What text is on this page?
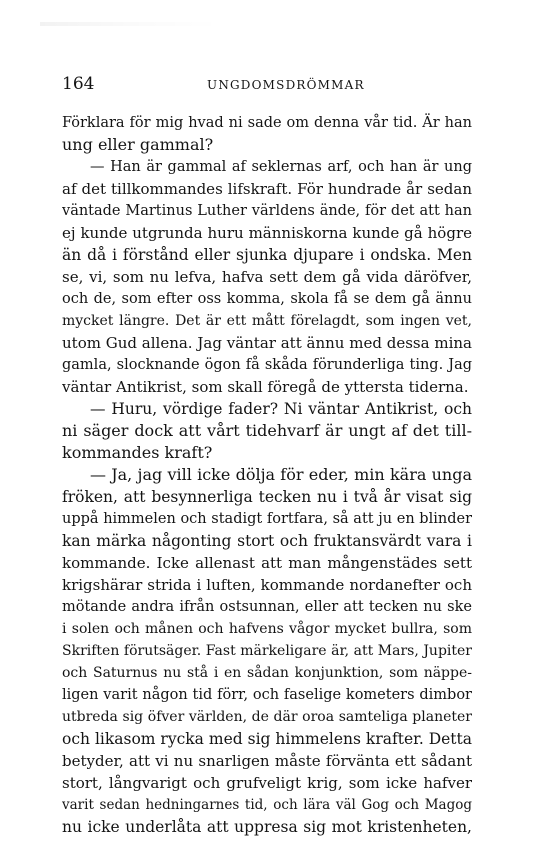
164	UNGDOMSDRÖMMAR
Förklara för mig hvad ni sade om denna vår tid. Är han
ung eller gammal?
— Han är gammal af seklernas arf, och han är ung
af det tillkommandes lifskraft. För hundrade år sedan
väntade Martinus Luther världens ände, för det att han
ej kunde utgrunda huru människorna kunde gå högre
än då i förstånd eller sjunka djupare i ondska. Men
se, vi, som nu lefva, hafva sett dem gå vida däröfver,
och de, som efter oss komma, skola få se dem gå ännu
mycket längre. Det är ett mått förelagdt, som ingen vet,
utom Gud allena. Jag väntar att ännu med dessa mina
gamla, slocknande ögon få skåda förunderliga ting. Jag
väntar Antikrist, som skall föregå de yttersta tiderna.
— Huru, vördige fader? Ni väntar Antikrist, och
ni säger dock att vårt tidehvarf är ungt af det till-
kommandes kraft?
— Ja, jag vill icke dölja för eder, min kära unga
fröken, att besynnerliga tecken nu i två år visat sig
uppå himmelen och stadigt fortfara, så att ju en blinder
kan märka någonting stort och fruktansvärdt vara i
kommande. Icke allenast att man mångenstädes sett
krigshärar strida i luften, kommande nordanefter och
mötande andra ifrån ostsunnan, eller att tecken nu ske
i solen och månen och hafvens vågor mycket bullra, som
Skriften förutsäger. Fast märkeligare är, att Mars, Jupiter
och Saturnus nu stå i en sådan konjunktion, som näppe-
ligen varit någon tid förr, och faselige kometers dimbor
utbreda sig öfver världen, de där oroa samteliga planeter
och likasom rycka med sig himmelens krafter. Detta
betyder, att vi nu snarligen måste förvänta ett sådant
stort, långvarigt och grufveligt krig, som icke hafver
varit sedan hedningarnes tid, och lära väl Gog och Magog
nu icke underlåta att uppresa sig mot kristenheten,
